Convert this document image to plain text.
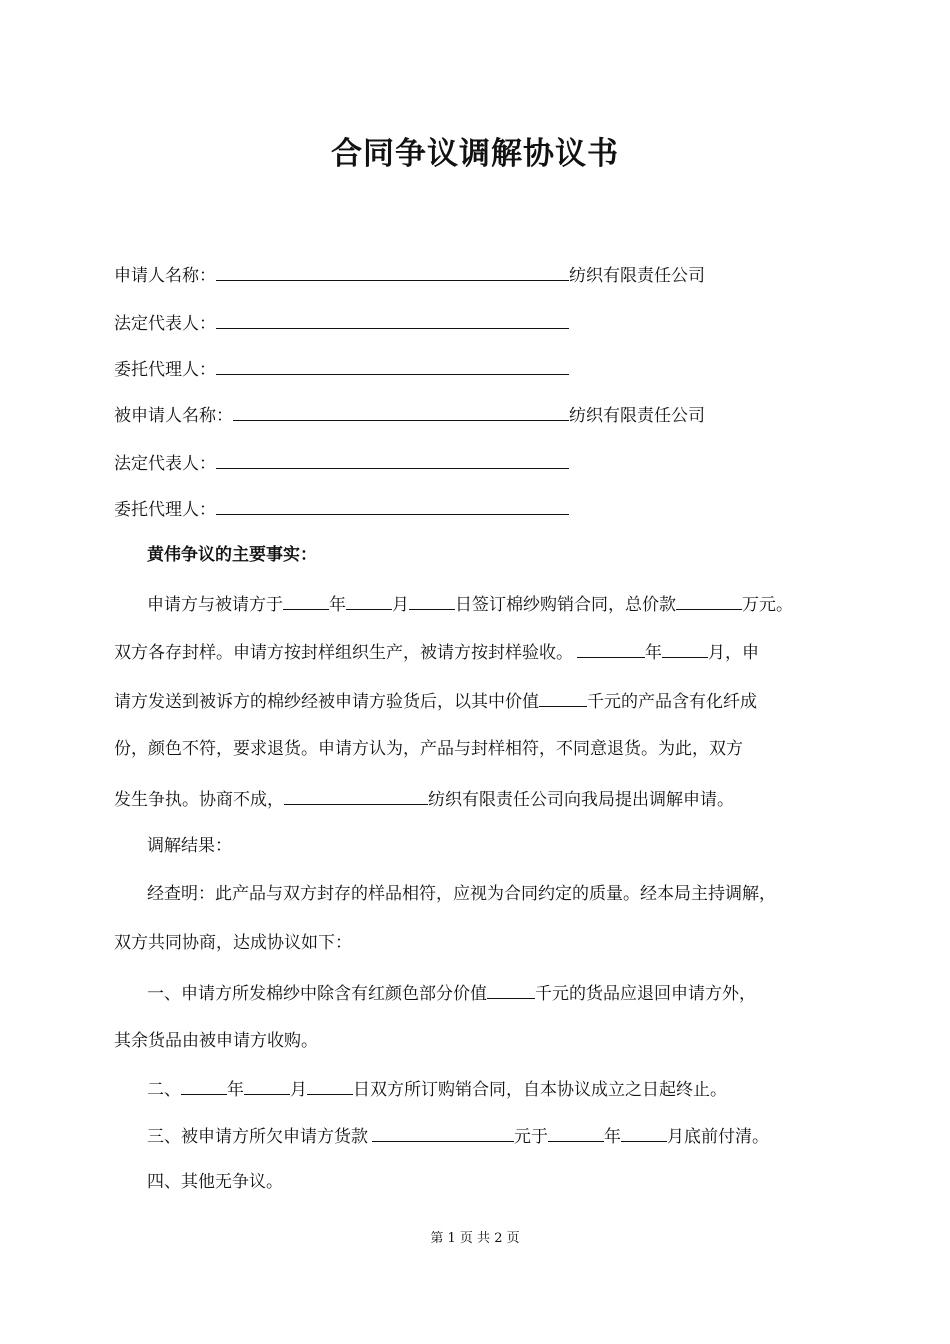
合同争议调解协议书
申请人名称：	纺织有限责任公司
法定代表人：
委托代理人：
被申请人名称：	纺织有限责任公司
法定代表人：
委托代理人：
黄伟争议的主要事实：
申请方与被请方于	年	月	日签订棉纱购销合同，总价款	万元。
双方各存封样。申请方按封样组织生产，被请方按封样验收。	年	月，申
请方发送到被诉方的棉纱经被申请方验货后，以其中价值	千元的产品含有化纤成
份，颜色不符，要求退货。申请方认为，产品与封样相符，不同意退货。为此，双方
发生争执。协商不成，	纺织有限责任公司向我局提出调解申请。
调解结果：
经查明：此产品与双方封存的样品相符，应视为合同约定的质量。经本局主持调解，
双方共同协商，达成协议如下：
一、申请方所发棉纱中除含有红颜色部分价值	千元的货品应退回申请方外，
其余货品由被申请方收购。
二、	年	月	日双方所订购销合同，自本协议成立之日起终止。
三、被申请方所欠申请方货款	元于	年	月底前付清。
四、其他无争议。
第 1 页 共 2 页
